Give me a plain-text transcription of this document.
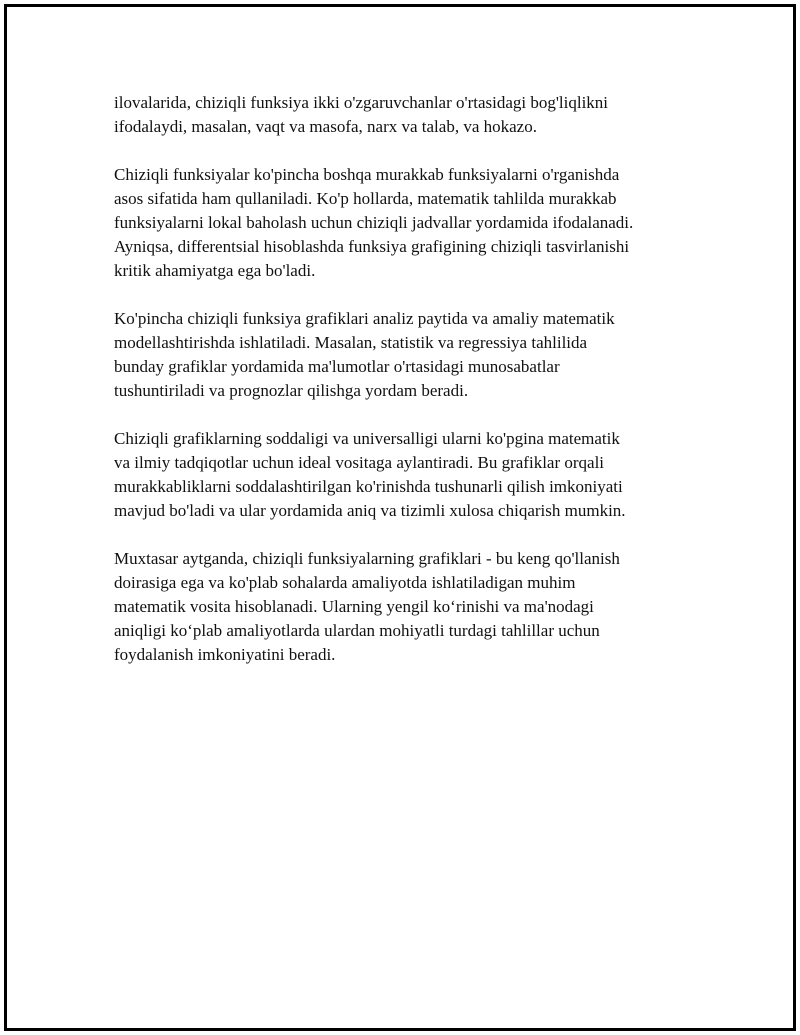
ilovalarida, chiziqli funksiya ikki o'zgaruvchanlar o'rtasidagi bog'liqlikni
ifodalaydi, masalan, vaqt va masofa, narx va talab, va hokazo.

Chiziqli funksiyalar ko'pincha boshqa murakkab funksiyalarni o'rganishda
asos sifatida ham qullaniladi. Ko'p hollarda, matematik tahlilda murakkab
funksiyalarni lokal baholash uchun chiziqli jadvallar yordamida ifodalanadi.
Ayniqsa, differentsial hisoblashda funksiya grafigining chiziqli tasvirlanishi
kritik ahamiyatga ega bo'ladi.

Ko'pincha chiziqli funksiya grafiklari analiz paytida va amaliy matematik
modellashtirishda ishlatiladi. Masalan, statistik va regressiya tahlilida
bunday grafiklar yordamida ma'lumotlar o'rtasidagi munosabatlar
tushuntiriladi va prognozlar qilishga yordam beradi.

Chiziqli grafiklarning soddaligi va universalligi ularni ko'pgina matematik
va ilmiy tadqiqotlar uchun ideal vositaga aylantiradi. Bu grafiklar orqali
murakkabliklarni soddalashtirilgan ko'rinishda tushunarli qilish imkoniyati
mavjud bo'ladi va ular yordamida aniq va tizimli xulosa chiqarish mumkin.

Muxtasar aytganda, chiziqli funksiyalarning grafiklari - bu keng qo'llanish
doirasiga ega va ko'plab sohalarda amaliyotda ishlatiladigan muhim
matematik vosita hisoblanadi. Ularning yengil ko‘rinishi va ma'nodagi
aniqligi ko‘plab amaliyotlarda ulardan mohiyatli turdagi tahlillar uchun
foydalanish imkoniyatini beradi.
